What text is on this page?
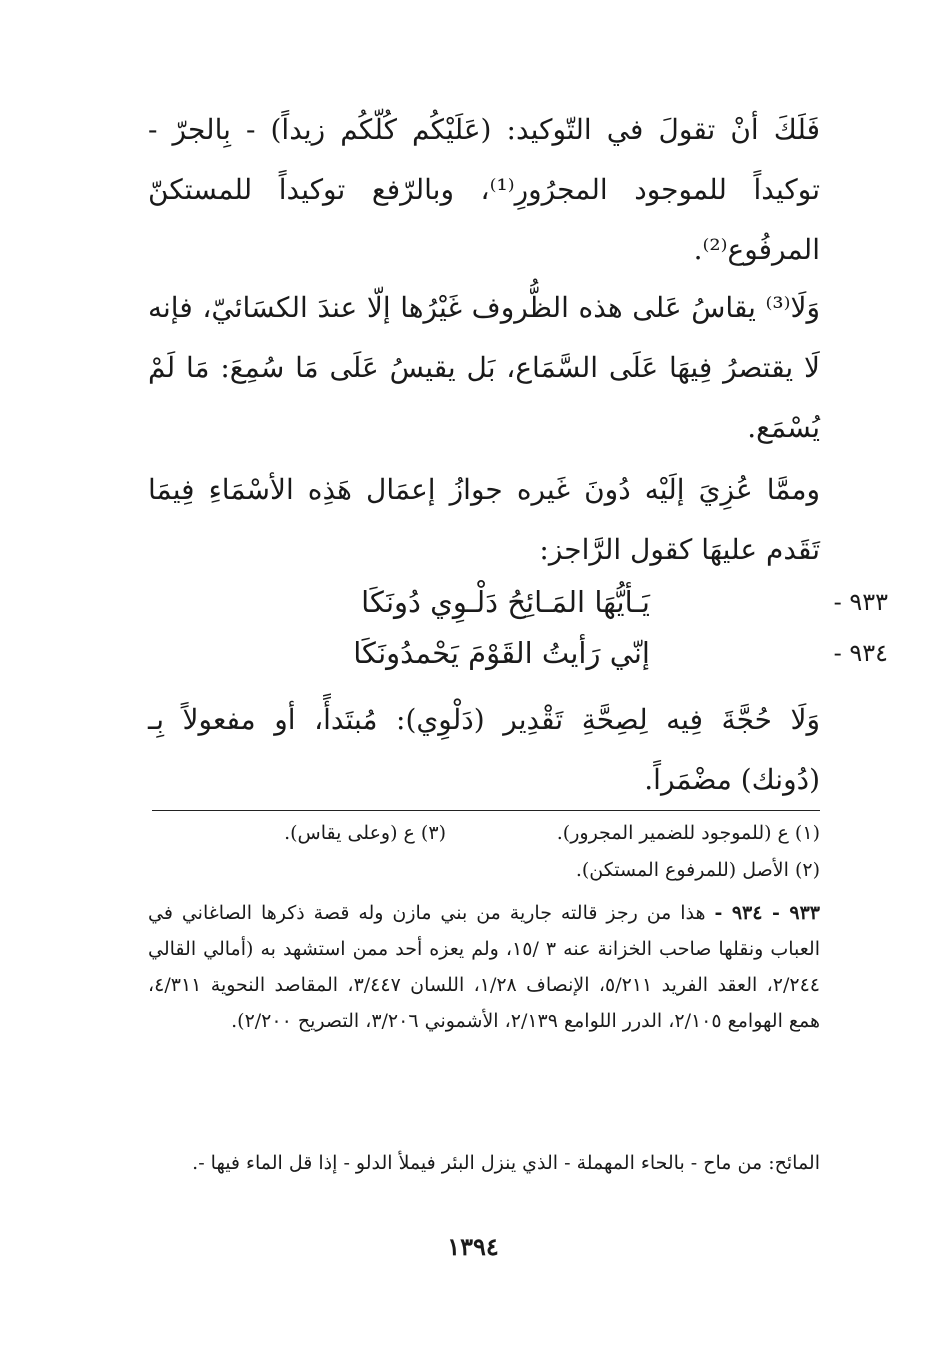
فَلَكَ أنْ تقولَ في التّوكيد: (عَلَيْكُم كُلّكُم زيداً) - بِالجرّ - توكيداً للموجود المجرُورِ⁽¹⁾، وبالرّفع توكيداً للمستكنّ المرفُوع⁽²⁾.

وَلَا⁽³⁾ يقاسُ عَلى هذه الظُّروف غَيْرُها إلّا عندَ الكسَائيّ، فإنه لَا يقتصرُ فِيهَا عَلَى السَّمَاع، بَل يقيسُ عَلَى مَا سُمِعَ: مَا لَمْ يُسْمَع.

وممَّا عُزِيَ إلَيْه دُونَ غَيره جوازُ إعمَال هَذِه الأسْمَاءِ فِيمَا تَقَدم عليهَا كقول الرَّاجز:

٩٣٣ -
يَـأيُّهَا المَـائِحُ دَلْـوِي دُونَكَا
٩٣٤ -
إنّي رَأيتُ القَوْمَ يَحْمدُونَكَا

وَلَا حُجَّةَ فِيه لِصِحَّةِ تَقْدِير (دَلْوِي): مُبتَدأً، أو مفعولاً بِـ (دُونك) مضْمَراً.

(١) ع (للموجود للضمير المجرور).
(٣) ع (وعلى يقاس).
(٢) الأصل (للمرفوع المستكن).

٩٣٣ - ٩٣٤ - هذا من رجز قالته جارية من بني مازن وله قصة ذكرها الصاغاني في العباب ونقلها صاحب الخزانة عنه ٣ /١٥، ولم يعزه أحد ممن استشهد به (أمالي القالي ٢/٢٤٤، العقد الفريد ٥/٢١١، الإنصاف ١/٢٨، اللسان ٣/٤٤٧، المقاصد النحوية ٤/٣١١، همع الهوامع ٢/١٠٥، الدرر اللوامع ٢/١٣٩، الأشموني ٣/٢٠٦، التصريح ٢/٢٠٠).

المائح: من ماح - بالحاء المهملة - الذي ينزل البئر فيملأ الدلو - إذا قل الماء فيها -.

١٣٩٤
